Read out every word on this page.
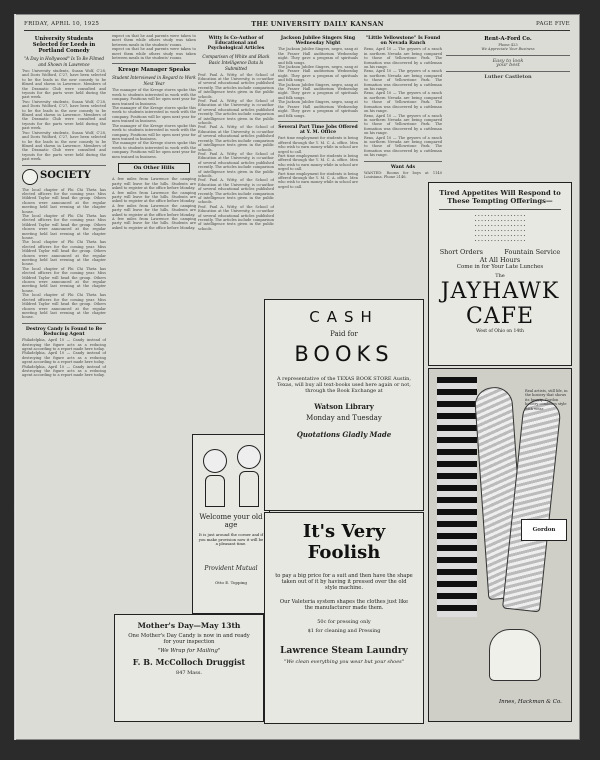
FRIDAY, APRIL 10, 1925	THE UNIVERSITY DAILY KANSAN	PAGE FIVE
University Students Selected for Leeds in Portland Comedy
"A Day in Hollywood" Is To Be Filmed and Shown in Lawrence
Two University students, Susan Wolf, C'28, and Doris Wolford, C'27, have been selected to be the leads in the new comedy to be filmed and shown in Lawrence. Members of the Dramatic Club were consulted and tryouts for the parts were held during the past week.
Two University students, Susan Wolf, C'28, and Doris Wolford, C'27, have been selected to be the leads in the new comedy to be filmed and shown in Lawrence. Members of the Dramatic Club were consulted and tryouts for the parts were held during the past week.
Two University students, Susan Wolf, C'28, and Doris Wolford, C'27, have been selected to be the leads in the new comedy to be filmed and shown in Lawrence. Members of the Dramatic Club were consulted and tryouts for the parts were held during the past week.
SOCIETY
The local chapter of Phi Chi Theta has elected officers for the coming year. Miss Mildred Taylor will head the group. Others chosen were announced at the regular meeting held last evening at the chapter house.
The local chapter of Phi Chi Theta has elected officers for the coming year. Miss Mildred Taylor will head the group. Others chosen were announced at the regular meeting held last evening at the chapter house.
The local chapter of Phi Chi Theta has elected officers for the coming year. Miss Mildred Taylor will head the group. Others chosen were announced at the regular meeting held last evening at the chapter house.
The local chapter of Phi Chi Theta has elected officers for the coming year. Miss Mildred Taylor will head the group. Others chosen were announced at the regular meeting held last evening at the chapter house.
The local chapter of Phi Chi Theta has elected officers for the coming year. Miss Mildred Taylor will head the group. Others chosen were announced at the regular meeting held last evening at the chapter house.
Destroy Candy Is Found to Be Reducing Agent
Philadelphia, April 10 — Candy instead of destroying the figure acts as a reducing agent according to a report made here today.
Philadelphia, April 10 — Candy instead of destroying the figure acts as a reducing agent according to a report made here today.
Philadelphia, April 10 — Candy instead of destroying the figure acts as a reducing agent according to a report made here today.
expect on that he and parents were taken to meet them while others study was taken between meals in the students' rooms.
expect on that he and parents were taken to meet them while others study was taken between meals in the students' rooms.
Kresge Manager Speaks
Student Interviewed in Regard to Work Next Year
The manager of the Kresge stores spoke this week to students interested in work with the company. Positions will be open next year for men trained in business.
The manager of the Kresge stores spoke this week to students interested in work with the company. Positions will be open next year for men trained in business.
The manager of the Kresge stores spoke this week to students interested in work with the company. Positions will be open next year for men trained in business.
The manager of the Kresge stores spoke this week to students interested in work with the company. Positions will be open next year for men trained in business.
On Other Hills
A few miles from Lawrence the camping party will leave for the hills. Students are asked to register at the office before Monday.
A few miles from Lawrence the camping party will leave for the hills. Students are asked to register at the office before Monday.
A few miles from Lawrence the camping party will leave for the hills. Students are asked to register at the office before Monday.
A few miles from Lawrence the camping party will leave for the hills. Students are asked to register at the office before Monday.
Witty Is Co-Author of Educational and Psychological Articles
Comparison of White and Black Basic Intelligence Data Is Submitted
Prof. Paul A. Witty, of the School of Education at the University, is co-author of several educational articles published recently. The articles include comparison of intelligence tests given in the public schools.
Prof. Paul A. Witty, of the School of Education at the University, is co-author of several educational articles published recently. The articles include comparison of intelligence tests given in the public schools.
Prof. Paul A. Witty, of the School of Education at the University, is co-author of several educational articles published recently. The articles include comparison of intelligence tests given in the public schools.
Prof. Paul A. Witty, of the School of Education at the University, is co-author of several educational articles published recently. The articles include comparison of intelligence tests given in the public schools.
Prof. Paul A. Witty, of the School of Education at the University, is co-author of several educational articles published recently. The articles include comparison of intelligence tests given in the public schools.
Prof. Paul A. Witty, of the School of Education at the University, is co-author of several educational articles published recently. The articles include comparison of intelligence tests given in the public schools.
Welcome your old age
It is just around the corner and if you make provision now it will be a pleasant time.
Provident Mutual
Otto E. Topping
Jackson Jubilee Singers Sing Wednesday Night
The Jackson Jubilee Singers, negro, sang at the Fraser Hall auditorium Wednesday night. They gave a program of spirituals and folk songs.
The Jackson Jubilee Singers, negro, sang at the Fraser Hall auditorium Wednesday night. They gave a program of spirituals and folk songs.
The Jackson Jubilee Singers, negro, sang at the Fraser Hall auditorium Wednesday night. They gave a program of spirituals and folk songs.
The Jackson Jubilee Singers, negro, sang at the Fraser Hall auditorium Wednesday night. They gave a program of spirituals and folk songs.
Several Part Time Jobs Offered at Y. M. Office
Part time employment for students is being offered through the Y. M. C. A. office. Men who wish to earn money while in school are urged to call.
Part time employment for students is being offered through the Y. M. C. A. office. Men who wish to earn money while in school are urged to call.
Part time employment for students is being offered through the Y. M. C. A. office. Men who wish to earn money while in school are urged to call.
"Little Yellowstone" Is Found on Nevada Ranch
Reno, April 10 — The geysers of a ranch in northern Nevada are being compared to those of Yellowstone Park. The formation was discovered by a cattleman on his range.
Reno, April 10 — The geysers of a ranch in northern Nevada are being compared to those of Yellowstone Park. The formation was discovered by a cattleman on his range.
Reno, April 10 — The geysers of a ranch in northern Nevada are being compared to those of Yellowstone Park. The formation was discovered by a cattleman on his range.
Reno, April 10 — The geysers of a ranch in northern Nevada are being compared to those of Yellowstone Park. The formation was discovered by a cattleman on his range.
Reno, April 10 — The geysers of a ranch in northern Nevada are being compared to those of Yellowstone Park. The formation was discovered by a cattleman on his range.
Want Ads
WANTED: Rooms for boys at 1140 Louisiana. Phone 2146.
Rent-A-Ford Co.
Phone 423
We Appreciate Your Business
Easy to look
your best
Luther Castleton
CASH
Paid for
BOOKS
A representative of the TEXAS BOOK STORE Austin, Texas, will buy all text-books used here again or not, through the Book Exchange at
Watson Library
Monday and Tuesday
Quotations Gladly Made
It's Very Foolish
to pay a big price for a suit and then have the shape taken out of it by having it pressed over the old style machine.
Our Valeteria system shapes the clothes just like the manufacturer made them.
50c for pressing only
$1 for cleaning and Pressing
Lawrence Steam Laundry
"We clean everything you wear but your shoes"
Mother's Day—May 13th
One Mother's Day Candy is now in and ready for your inspection
"We Wrap for Mailing"
F. B. McColloch Druggist
847 Mass.
Tired Appetites Will Respond to These Tempting Offerings—
• • • • • • • • • • • • • • • •
• • • • • • • • • • • • • • • •
• • • • • • • • • • • • • • • •
• • • • • • • • • • • • • • • •
• • • • • • • • • • • • • • • •
• • • • • • • • • • • • • • • •
Short Orders	Fountain Service
At All Hours
Come in for Your Late Lunches
The
JAYHAWK CAFE
West of Ohio on 14th
Real artists, still life, in the hosiery that shows its beauty. Gordon hosiery combines style with wear.
Gordon
Innes, Hackman & Co.
